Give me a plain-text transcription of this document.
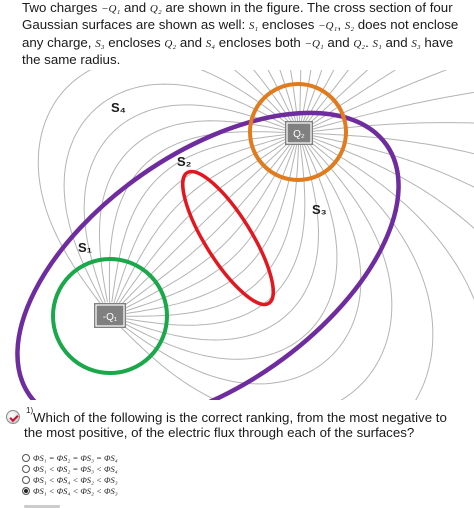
Two charges −Q₁ and Q₂ are shown in the figure. The cross section of four Gaussian surfaces are shown as well: S₁ encloses −Q₁, S₂ does not enclose any charge, S₃ encloses Q₂ and S₄ encloses both −Q₁ and Q₂. S₁ and S₃ have the same radius.

Q₂
-Q₁
S₄
S₂
S₃
S₁
1) Which of the following is the correct ranking, from the most negative to the most positive, of the electric flux through each of the surfaces?
ΦS₁ = ΦS₂ = ΦS₃ = ΦS₄
ΦS₁ < ΦS₂ = ΦS₃ < ΦS₄
ΦS₁ < ΦS₄ < ΦS₂ < ΦS₃
ΦS₁ < ΦS₄ < ΦS₂ < ΦS₃
